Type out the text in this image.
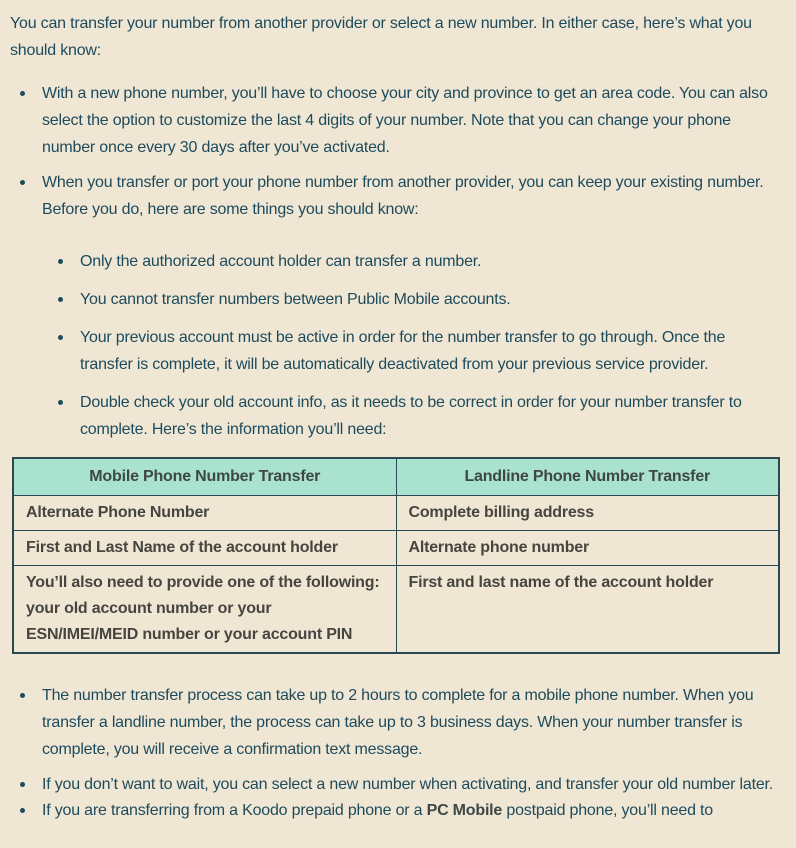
You can transfer your number from another provider or select a new number. In either case, here’s what you should know:

With a new phone number, you’ll have to choose your city and province to get an area code. You can also select the option to customize the last 4 digits of your number. Note that you can change your phone number once every 30 days after you’ve activated.
When you transfer or port your phone number from another provider, you can keep your existing number. Before you do, here are some things you should know:
Only the authorized account holder can transfer a number.
You cannot transfer numbers between Public Mobile accounts.
Your previous account must be active in order for the number transfer to go through. Once the transfer is complete, it will be automatically deactivated from your previous service provider.
Double check your old account info, as it needs to be correct in order for your number transfer to complete. Here’s the information you’ll need:
Mobile Phone Number Transfer	Landline Phone Number Transfer
Alternate Phone Number	Complete billing address
First and Last Name of the account holder	Alternate phone number
You’ll also need to provide one of the following: your old account number or your ESN/IMEI/MEID number or your account PIN	First and last name of the account holder
The number transfer process can take up to 2 hours to complete for a mobile phone number. When you transfer a landline number, the process can take up to 3 business days. When your number transfer is complete, you will receive a confirmation text message.
If you don’t want to wait, you can select a new number when activating, and transfer your old number later.
If you are transferring from a Koodo prepaid phone or a PC Mobile postpaid phone, you’ll need to
